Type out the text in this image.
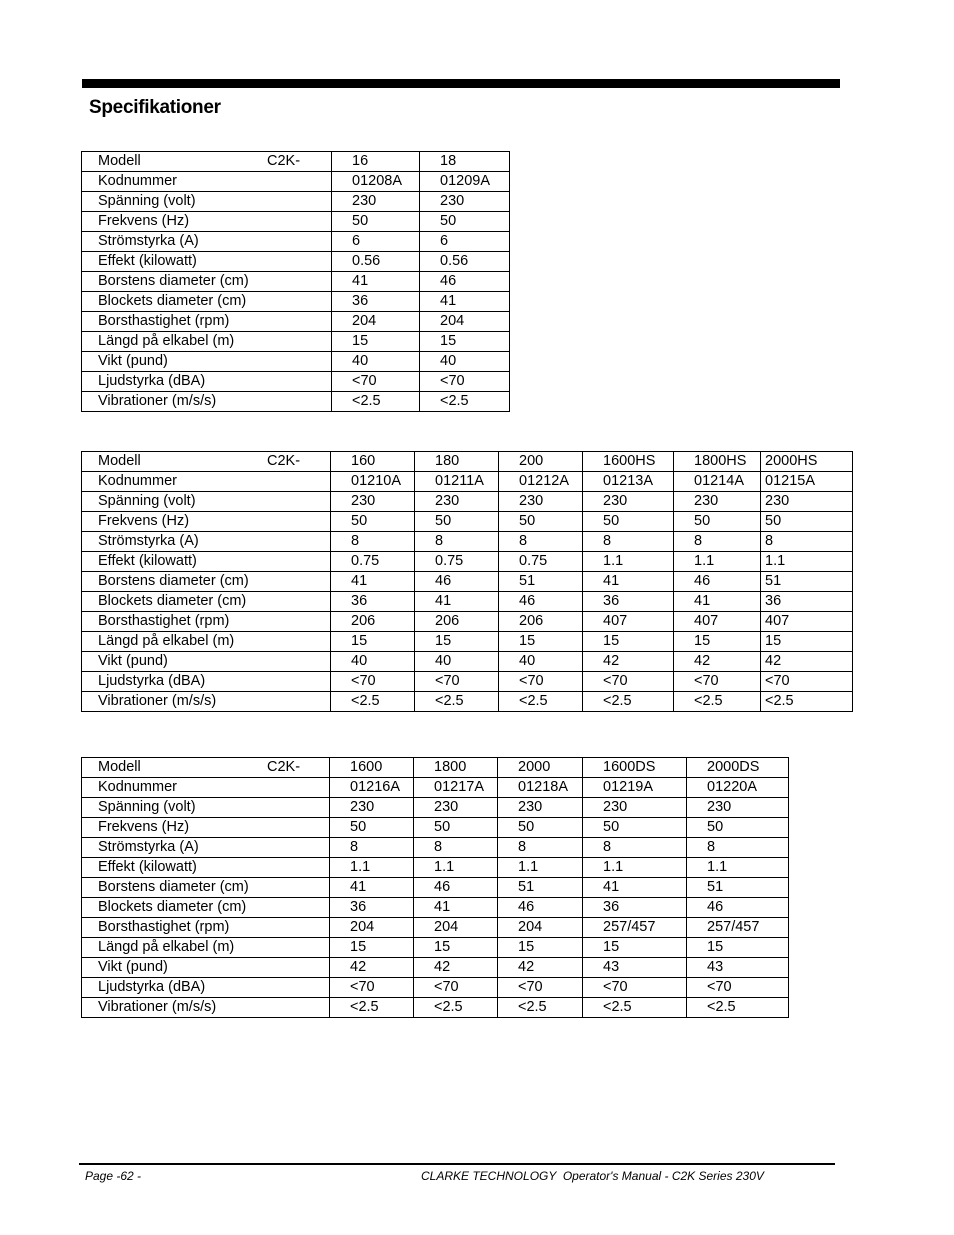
Specifikationer
Modell C2K-	16	18
Kodnummer	01208A	01209A
Spänning (volt)	230	230
Frekvens (Hz)	50	50
Strömstyrka (A)	6	6
Effekt (kilowatt)	0.56	0.56
Borstens diameter (cm)	41	46
Blockets diameter (cm)	36	41
Borsthastighet (rpm)	204	204
Längd på elkabel (m)	15	15
Vikt (pund)	40	40
Ljudstyrka (dBA)	<70	<70
Vibrationer (m/s/s)	<2.5	<2.5
Modell C2K-	160	180	200	1600HS	1800HS	2000HS
Kodnummer	01210A	01211A	01212A	01213A	01214A	01215A
Spänning (volt)	230	230	230	230	230	230
Frekvens (Hz)	50	50	50	50	50	50
Strömstyrka (A)	8	8	8	8	8	8
Effekt (kilowatt)	0.75	0.75	0.75	1.1	1.1	1.1
Borstens diameter (cm)	41	46	51	41	46	51
Blockets diameter (cm)	36	41	46	36	41	36
Borsthastighet (rpm)	206	206	206	407	407	407
Längd på elkabel (m)	15	15	15	15	15	15
Vikt (pund)	40	40	40	42	42	42
Ljudstyrka (dBA)	<70	<70	<70	<70	<70	<70
Vibrationer (m/s/s)	<2.5	<2.5	<2.5	<2.5	<2.5	<2.5
Modell C2K-	1600	1800	2000	1600DS	2000DS
Kodnummer	01216A	01217A	01218A	01219A	01220A
Spänning (volt)	230	230	230	230	230
Frekvens (Hz)	50	50	50	50	50
Strömstyrka (A)	8	8	8	8	8
Effekt (kilowatt)	1.1	1.1	1.1	1.1	1.1
Borstens diameter (cm)	41	46	51	41	51
Blockets diameter (cm)	36	41	46	36	46
Borsthastighet (rpm)	204	204	204	257/457	257/457
Längd på elkabel (m)	15	15	15	15	15
Vikt (pund)	42	42	42	43	43
Ljudstyrka (dBA)	<70	<70	<70	<70	<70
Vibrationer (m/s/s)	<2.5	<2.5	<2.5	<2.5	<2.5
Page -62 -	CLARKE TECHNOLOGY  Operator's Manual - C2K Series 230V
